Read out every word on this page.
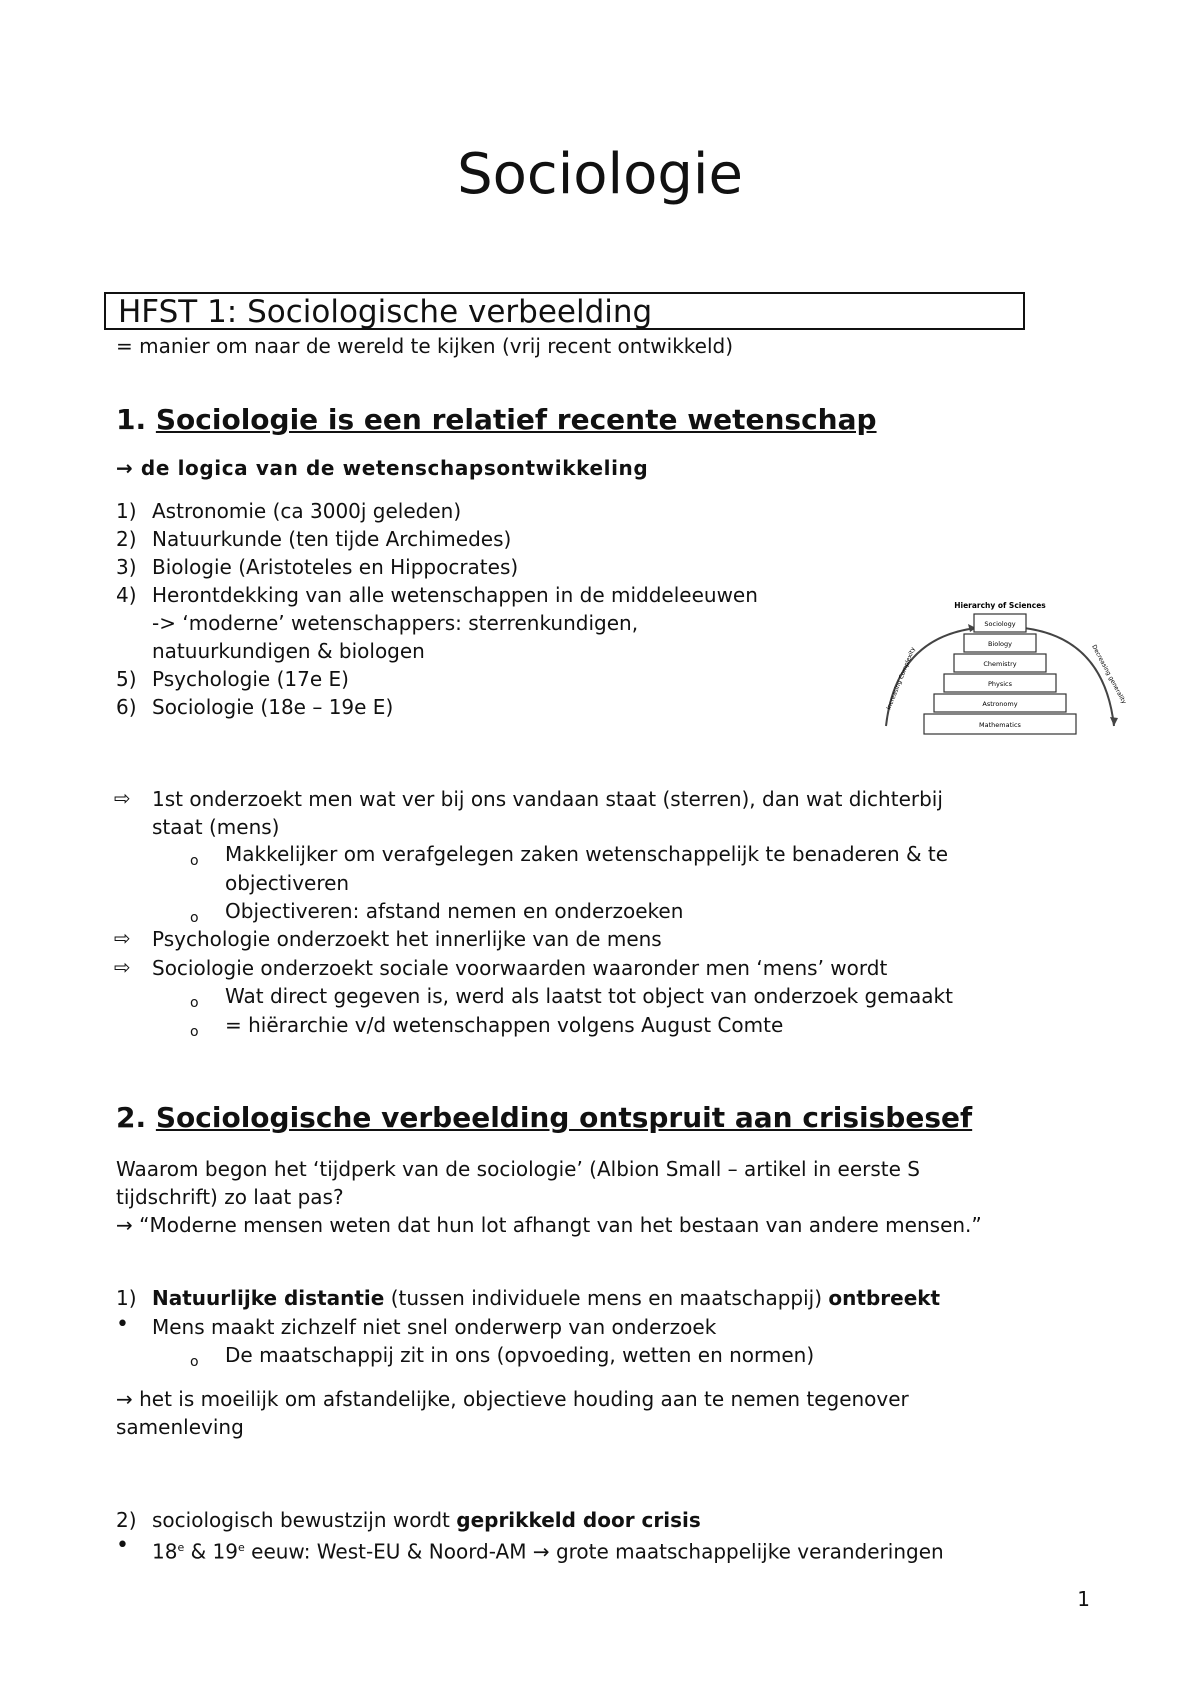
Sociologie
HFST 1: Sociologische verbeelding
= manier om naar de wereld te kijken (vrij recent ontwikkeld)
1. Sociologie is een relatief recente wetenschap
→ de logica van de wetenschapsontwikkeling
1) Astronomie (ca 3000j geleden)
2) Natuurkunde (ten tijde Archimedes)
3) Biologie (Aristoteles en Hippocrates)
4) Herontdekking van alle wetenschappen in de middeleeuwen
-> ‘moderne’ wetenschappers: sterrenkundigen,
natuurkundigen & biologen
5) Psychologie (17e E)
6) Sociologie (18e – 19e E)
Hierarchy of Sciences
Increasing Complexity	Decreasing generality
Sociology
Biology
Chemistry
Physics
Astronomy
Mathematics
⇨ 1st onderzoekt men wat ver bij ons vandaan staat (sterren), dan wat dichterbij
staat (mens)
o Makkelijker om verafgelegen zaken wetenschappelijk te benaderen & te
objectiveren
o Objectiveren: afstand nemen en onderzoeken
⇨ Psychologie onderzoekt het innerlijke van de mens
⇨ Sociologie onderzoekt sociale voorwaarden waaronder men ‘mens’ wordt
o Wat direct gegeven is, werd als laatst tot object van onderzoek gemaakt
o = hiërarchie v/d wetenschappen volgens August Comte
2. Sociologische verbeelding ontspruit aan crisisbesef
Waarom begon het ‘tijdperk van de sociologie’ (Albion Small – artikel in eerste S
tijdschrift) zo laat pas?
→ “Moderne mensen weten dat hun lot afhangt van het bestaan van andere mensen.”
1) Natuurlijke distantie (tussen individuele mens en maatschappij) ontbreekt
• Mens maakt zichzelf niet snel onderwerp van onderzoek
o De maatschappij zit in ons (opvoeding, wetten en normen)
→ het is moeilijk om afstandelijke, objectieve houding aan te nemen tegenover
samenleving
2) sociologisch bewustzijn wordt geprikkeld door crisis
• 18e & 19e eeuw: West-EU & Noord-AM → grote maatschappelijke veranderingen
1
